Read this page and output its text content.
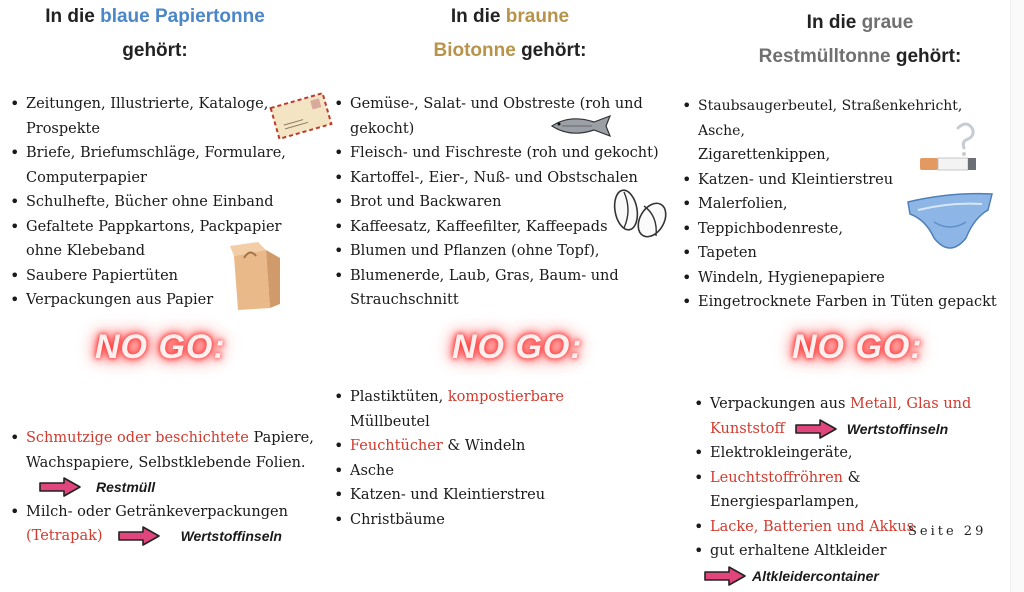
In die blaue Papiertonne
gehört:
• Zeitungen, Illustrierte, Kataloge,
Prospekte
• Briefe, Briefumschläge, Formulare,
Computerpapier
• Schulhefte, Bücher ohne Einband
• Gefaltete Pappkartons, Packpapier
ohne Klebeband
• Saubere Papiertüten
• Verpackungen aus Papier
NO GO:
• Schmutzige oder beschichtete Papiere,
Wachspapiere, Selbstklebende Folien.

Restmüll
• Milch- oder Getränkeverpackungen

(Tetrapak)	Wertstoffinseln
In die braune
Biotonne gehört:
• Gemüse-, Salat- und Obstreste (roh und
gekocht)
• Fleisch- und Fischreste (roh und gekocht)
• Kartoffel-, Eier-, Nuß- und Obstschalen
• Brot und Backwaren
• Kaffeesatz, Kaffeefilter, Kaffeepads
• Blumen und Pflanzen (ohne Topf),
• Blumenerde, Laub, Gras, Baum- und
Strauchschnitt
NO GO:
• Plastiktüten, kompostierbare
Müllbeutel
• Feuchtücher & Windeln
• Asche
• Katzen- und Kleintierstreu
• Christbäume
In die graue
Restmülltonne gehört:
• Staubsaugerbeutel, Straßenkehricht, Asche,
Zigarettenkippen,
• Katzen- und Kleintierstreu
• Malerfolien,
• Teppichbodenreste,
• Tapeten
• Windeln, Hygienepapiere
• Eingetrocknete Farben in Tüten gepackt
NO GO:
• Verpackungen aus Metall, Glas und

Kunststoff	Wertstoffinseln
• Elektrokleingeräte,
• Leuchtstoffröhren &
Energiesparlampen,
• Lacke, Batterien und Akkus
• gut erhaltene Altkleider

Altkleidercontainer
Seite 29
